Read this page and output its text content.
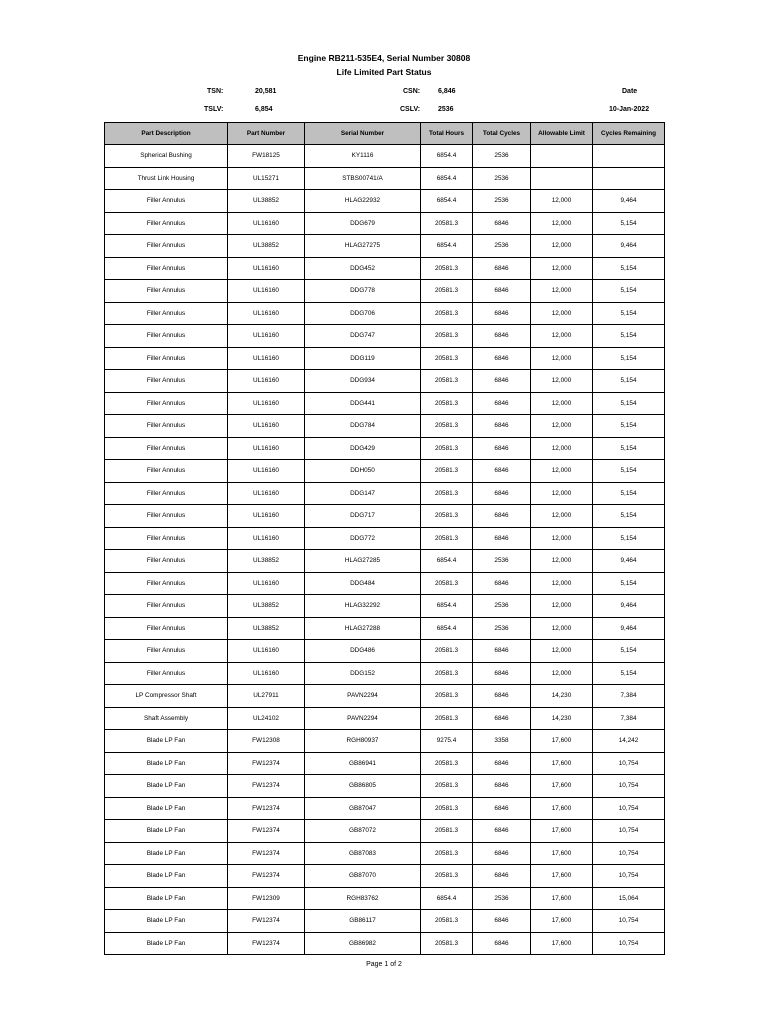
Engine RB211-535E4, Serial Number 30808
Life Limited Part Status
TSN:	20,581	CSN:	6,846	Date
TSLV:	6,854	CSLV:	2536	10-Jan-2022
Part Description	Part Number	Serial Number	Total Hours	Total Cycles	Allowable Limit	Cycles Remaining
Spherical Bushing	FW18125	KY1116	6854.4	2536		
Thrust Link Housing	UL15271	STBS00741/A	6854.4	2536		
Filler Annulus	UL38852	HLAG22932	6854.4	2536	12,000	9,464
Filler Annulus	UL16160	DDG679	20581.3	6846	12,000	5,154
Filler Annulus	UL38852	HLAG27275	6854.4	2536	12,000	9,464
Filler Annulus	UL16160	DDG452	20581.3	6846	12,000	5,154
Filler Annulus	UL16160	DDG778	20581.3	6846	12,000	5,154
Filler Annulus	UL16160	DDG706	20581.3	6846	12,000	5,154
Filler Annulus	UL16160	DDG747	20581.3	6846	12,000	5,154
Filler Annulus	UL16160	DDG119	20581.3	6846	12,000	5,154
Filler Annulus	UL16160	DDG934	20581.3	6846	12,000	5,154
Filler Annulus	UL16160	DDG441	20581.3	6846	12,000	5,154
Filler Annulus	UL16160	DDG784	20581.3	6846	12,000	5,154
Filler Annulus	UL16160	DDG429	20581.3	6846	12,000	5,154
Filler Annulus	UL16160	DDH050	20581.3	6846	12,000	5,154
Filler Annulus	UL16160	DDG147	20581.3	6846	12,000	5,154
Filler Annulus	UL16160	DDG717	20581.3	6846	12,000	5,154
Filler Annulus	UL16160	DDG772	20581.3	6846	12,000	5,154
Filler Annulus	UL38852	HLAG27285	6854.4	2536	12,000	9,464
Filler Annulus	UL16160	DDG484	20581.3	6846	12,000	5,154
Filler Annulus	UL38852	HLAG32292	6854.4	2536	12,000	9,464
Filler Annulus	UL38852	HLAG27288	6854.4	2536	12,000	9,464
Filler Annulus	UL16160	DDG486	20581.3	6846	12,000	5,154
Filler Annulus	UL16160	DDG152	20581.3	6846	12,000	5,154
LP Compressor Shaft	UL27911	PAVN2294	20581.3	6846	14,230	7,384
Shaft Assembly	UL24102	PAVN2294	20581.3	6846	14,230	7,384
Blade LP Fan	FW12308	RGH80937	9275.4	3358	17,600	14,242
Blade LP Fan	FW12374	GB86941	20581.3	6846	17,600	10,754
Blade LP Fan	FW12374	GB86805	20581.3	6846	17,600	10,754
Blade LP Fan	FW12374	GB87047	20581.3	6846	17,600	10,754
Blade LP Fan	FW12374	GB87072	20581.3	6846	17,600	10,754
Blade LP Fan	FW12374	GB87083	20581.3	6846	17,600	10,754
Blade LP Fan	FW12374	GB87070	20581.3	6846	17,600	10,754
Blade LP Fan	FW12309	RGH83762	6854.4	2536	17,600	15,064
Blade LP Fan	FW12374	GB86117	20581.3	6846	17,600	10,754
Blade LP Fan	FW12374	GB86982	20581.3	6846	17,600	10,754
Page 1 of 2
